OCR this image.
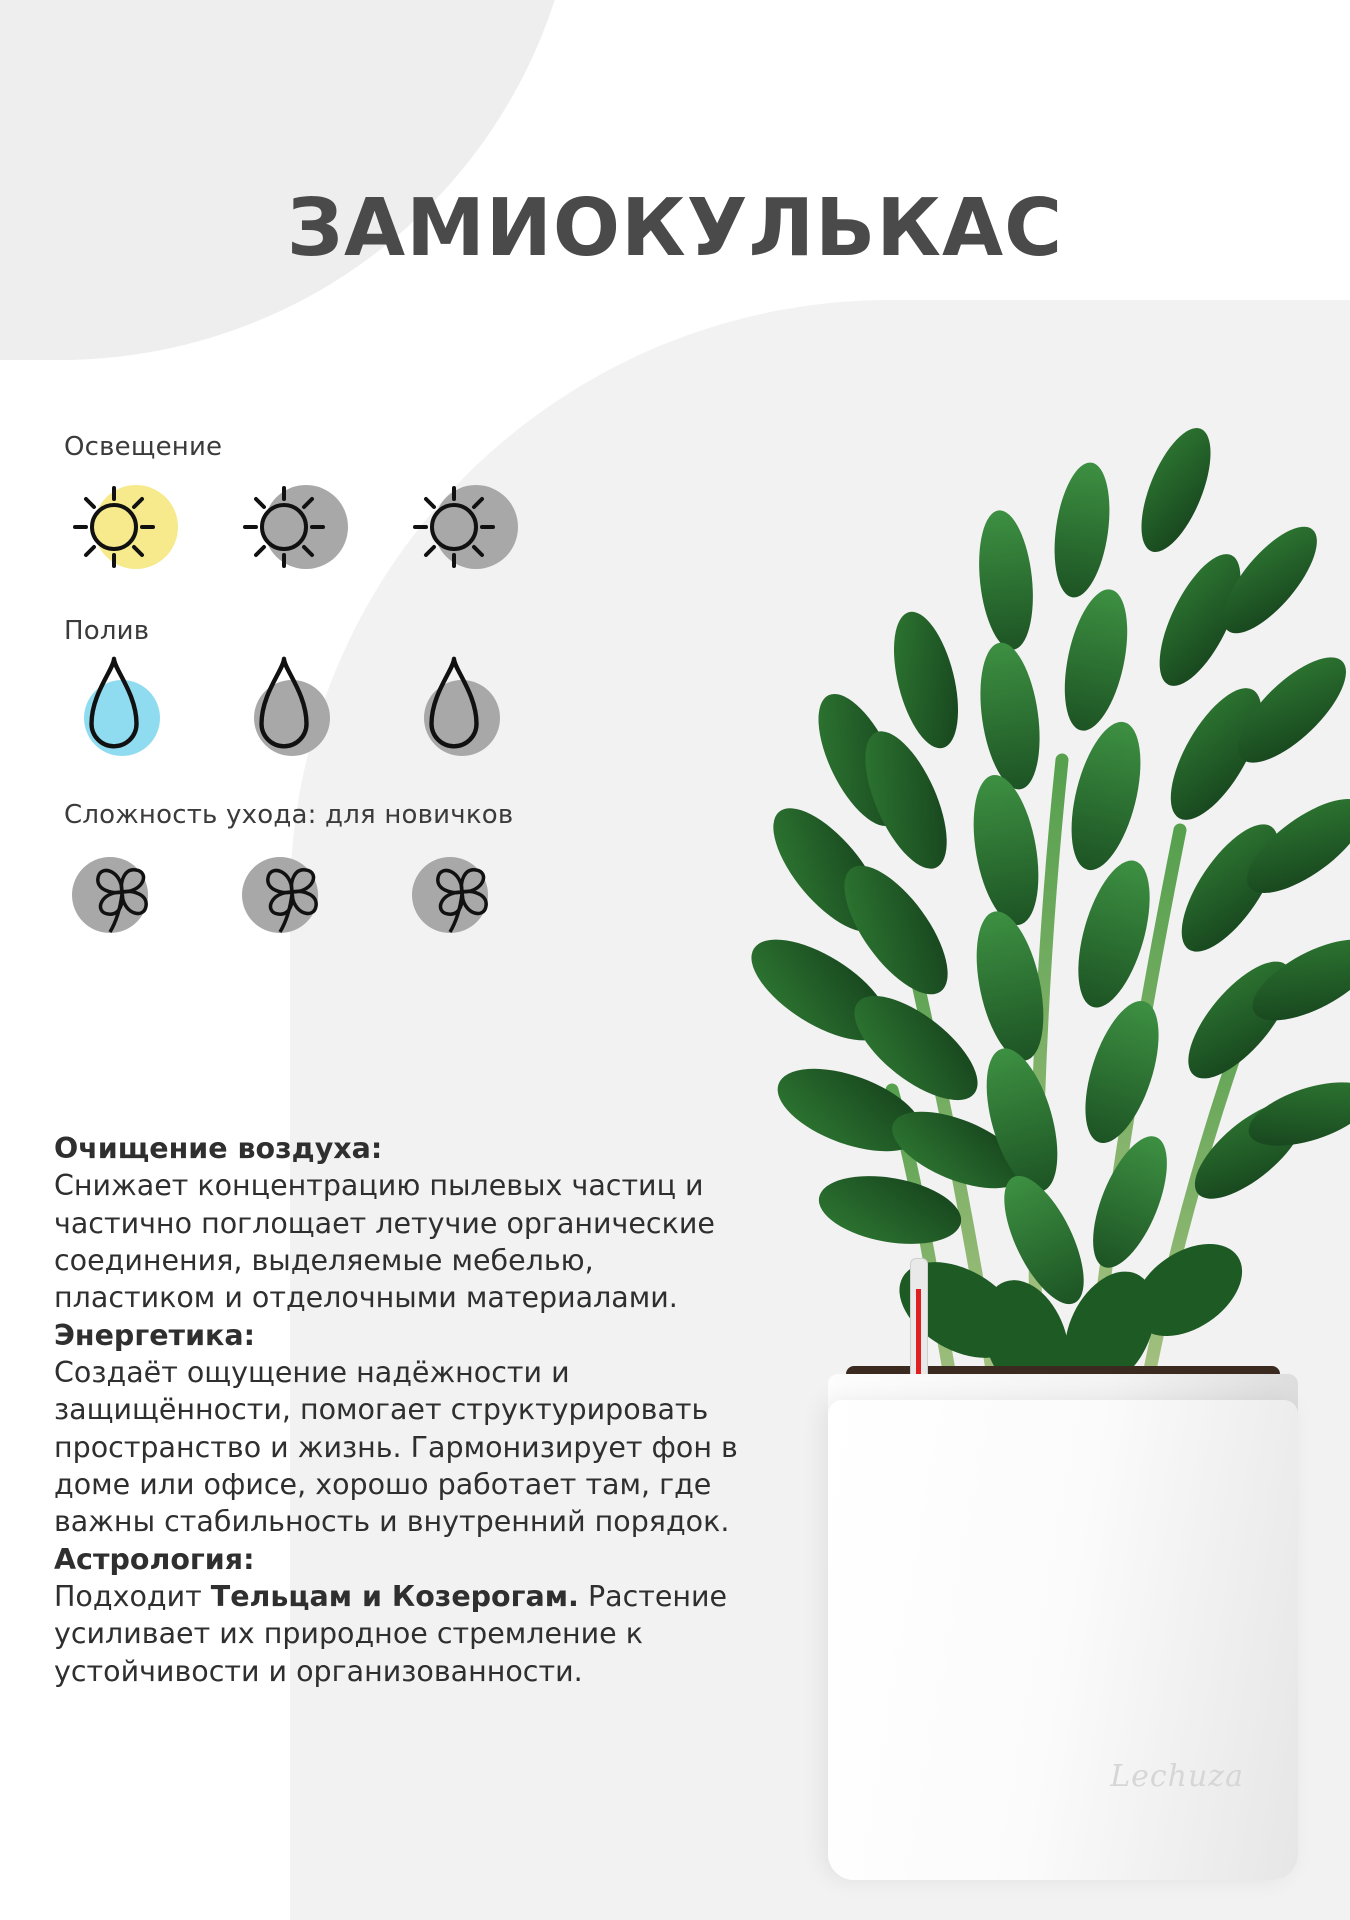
ЗАМИОКУЛЬКАС
Освещение
Полив
Сложность ухода: для новичков

Очищение воздуха:
Снижает концентрацию пылевых частиц и частично поглощает летучие органические соединения, выделяемые мебелью, пластиком и отделочными материалами.

Энергетика:
Создаёт ощущение надёжности и защищённости, помогает структурировать пространство и жизнь. Гармонизирует фон в доме или офисе, хорошо работает там, где важны стабильность и внутренний порядок.

Астрология:
Подходит Тельцам и Козерогам. Растение усиливает их природное стремление к устойчивости и организованности.

Lechuza
